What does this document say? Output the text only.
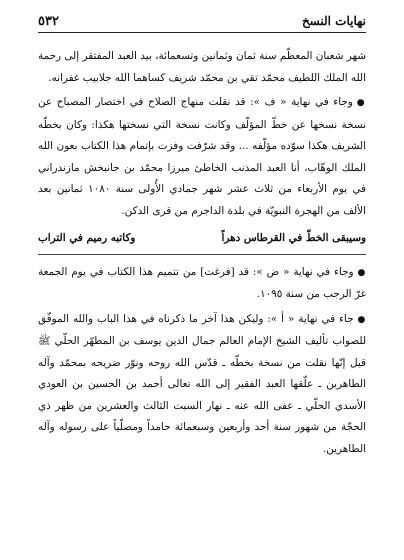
نهايات النسخ
٥٣٢

شهر شعبان المعظّم سنة ثمان وثمانين وتسعمائة، بيد العبد المفتقر إلى رحمة الله الملك اللطيف محمّد تقي بن محمّد شريف كساهما الله جلابيب غفرانه.

●وجاء في نهاية « ف »: قد نقلت منهاج الصلاح في اختصار المصباح عن نسخة نسخها عن خطّ المؤلّف وكانت نسخة التي نسختها هكذا: وكان بخطّه الشريف هكذا سوّده مؤلّفه ... وقد شرّفت وفزت بإتمام هذا الكتاب بعون الله الملك الوهّاب، أنا العبد المذنب الخاطئ ميرزا محمّد بن جانبخش مازندراني في يوم الأربعاء من ثلاث عشر شهر جمادي الأُولى سنة ١٠٨٠ ثمانين بعد الألف من الهجرة النبويّة في بلدة الداجرم من قرى الدكن.

وسيبقى الخطّ في القرطاس دهراً
وكاتبه رميم في التراب

●وجاء في نهاية « ض »: قد [فرغت] من تتميم هذا الكتاب في يوم الجمعة غرّ الرجب من سنة ١٠٩٥.

●جاء في نهاية « أ »: وليكن هذا آخر ما ذكرناه في هذا الباب والله الموفّق للصواب تأليف الشيخ الإمام العالم جمال الدين يوسف بن المطهّر الحلّي ﷺ قيل إنّها نقلت من نسخة بخطّه ـ قدّس الله روحه ونوّر ضريحه بمحمّد وآله الطاهرين ـ علّقها العبد الفقير إلى الله تعالى أحمد بن الحسين بن العودي الأسدي الحلّي ـ عفى الله عنه ـ نهار السبت الثالث والعشرين من ظهر ذي الحجّة من شهور سنة أحد وأربعين وسبعمائة حامداً ومصلّياً على رسوله وآله الطاهرين.
